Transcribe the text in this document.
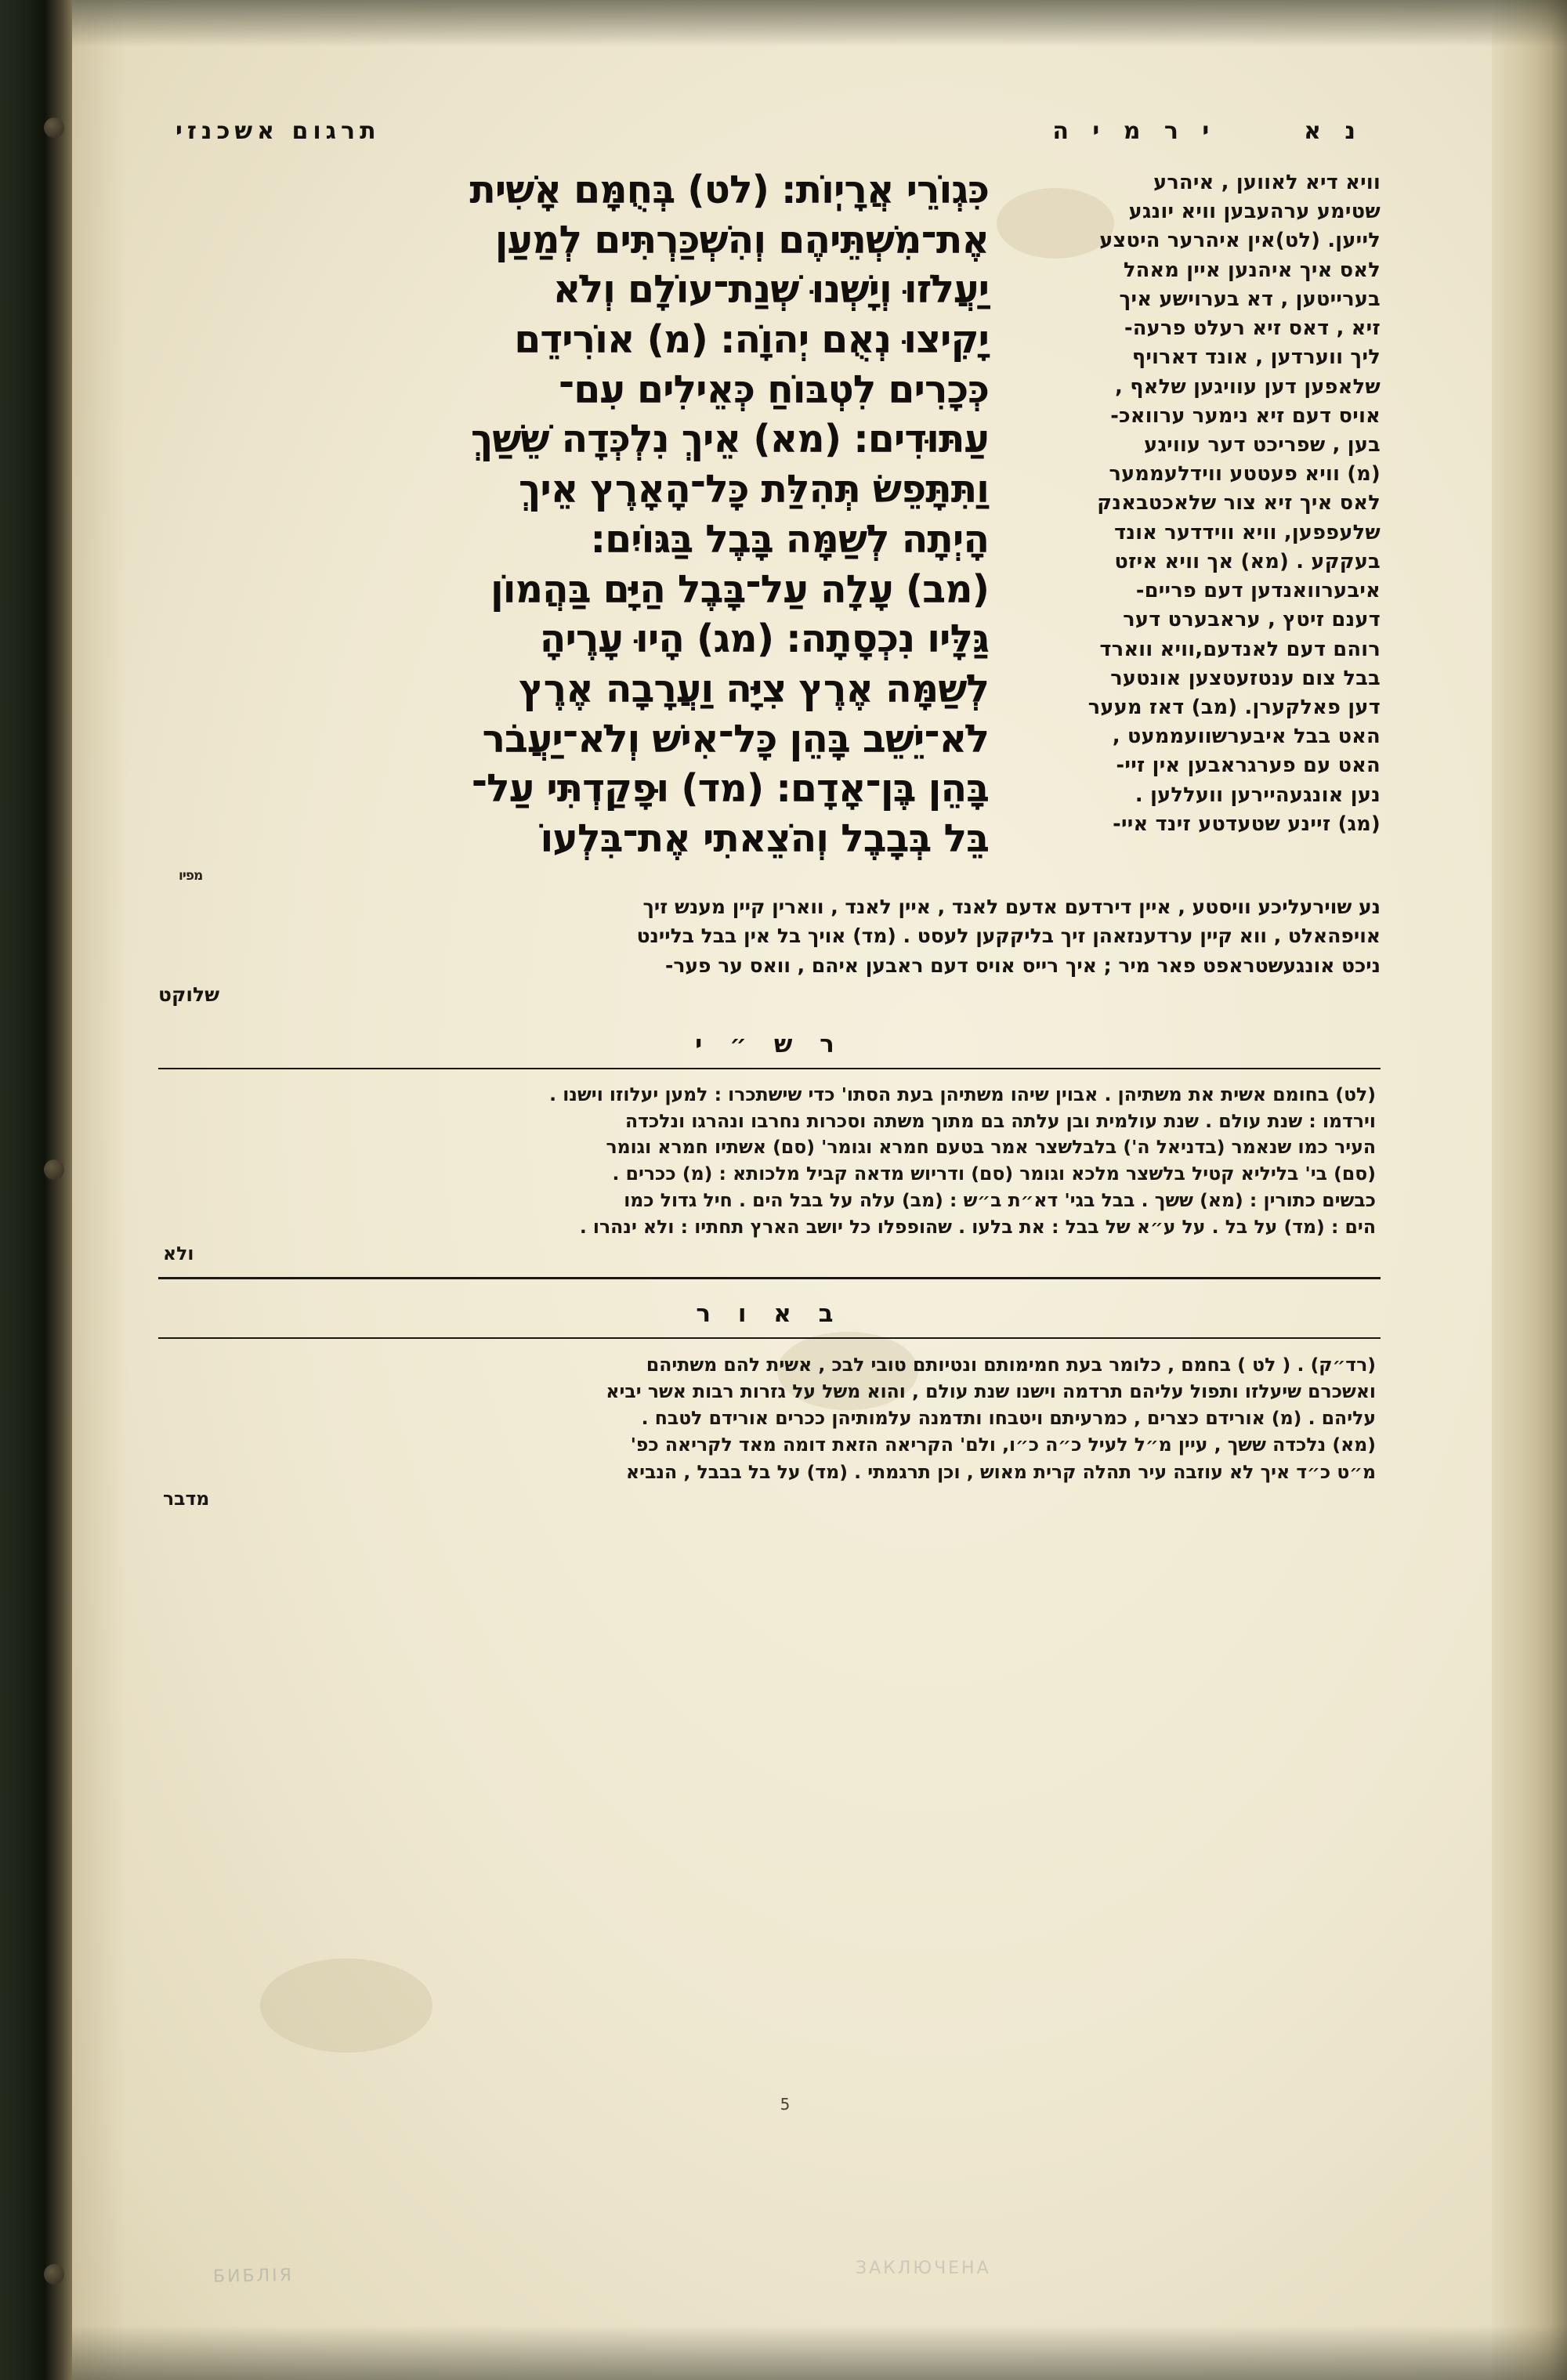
תרגום אשכנזי	נ א  י ר מ י ה
וויא דיא לאווען , איהרע
שטימע ערהעבען וויא יונגע
לייען. (לט)אין איהרער היטצע
לאס איך איהנען איין מאהל
בערייטען , דא בערוישע איך
זיא , דאס זיא רעלט פרעה-
ליך ווערדען , אונד דארויף
שלאפען דען עוויגען שלאף ,
אויס דעם זיא נימער ערוואכ-
בען , שפריכט דער עוויגע
(מ) וויא פעטטע ווידלעממער
לאס איך זיא צור שלאכטבאנק
שלעפפען, וויא ווידדער אונד
בעקקע . (מא) אך וויא איזט
איבערוואנדען דעם פריים-
דענם זיטץ , עראבערט דער
רוהם דעם לאנדעם,וויא ווארד
בבל צום ענטזעטצען אונטער
דען פאלקערן. (מב) דאז מעער
האט בבל איבערשוועממעט ,
האט עם פערגראבען אין זיי-
נען אונגעהיירען וועללען .
(מג) זיינע שטעדטע זינד איי-
כִּגְוֹרֵי אֲרָיֽוֹת: (לט) בְּחֻמָּם אָשִׁית
אֶת־מִשְׁתֵּיהֶם וְהִשְׁכַּרְתִּים לְמַעַן
יַעֲלֹזוּ וְיָשְׁנוּ שְׁנַת־עוֹלָם וְלֹא
יָקִיצוּ נְאֻם יְהוָֹה: (מ) אוֹרִידֵם
כְּכָרִים לִטְבּוֹחַ כְּאֵילִים עִם־
עַתּוּדִים: (מא) אֵיךְ נִלְכְּדָה שֵׁשַׁךְ
וַתִּתָּפֵשׂ תְּהִלַּת כָּל־הָאָרֶץ אֵיךְ
הָיְתָה לְשַׁמָּה בָּבֶל בַּגּוֹיִם:
(מב) עָלָה עַל־בָּבֶל הַיָּם בַּהֲמוֹן
גַּלָּיו נִכְסָתָה: (מג) הָיוּ עָרֶיהָ
לְשַׁמָּה אֶרֶץ צִיָּה וַעֲרָבָה אֶרֶץ
לֹא־יֵשֵׁב בָּהֵן כָּל־אִישׁ וְלֹא־יַעֲבֹר
בָּהֵן בֶּן־אָדָם: (מד) וּפָקַדְתִּי עַל־
בֵּל בְּבָבֶל וְהֹצֵאתִי אֶת־בִּלְעוֹ
מפיו
נע שוירעליכע וויסטע , איין דירדעם אדעם לאנד , איין לאנד , ווארין קיין מענש זיך
אויפהאלט , ווא קיין ערדענזאהן זיך בליקקען לעסט . (מד) אויך בל אין בבל בליינט
ניכט אונגעשטראפט פאר מיר ; איך רייס אויס דעם ראבען איהם , וואס ער פער-
שלוקט
ר ש ״ י
(לט) בחומם אשית את משתיהן . אבוין שיהו משתיהן בעת הסתו' כדי שישתכרו : למען יעלוזו וישנו .
וירדמו : שנת עולם . שנת עולמית ובן עלתה בם מתוך משתה וסכרות נחרבו ונהרגו ונלכדה
העיר כמו שנאמר (בדניאל ה') בלבלשצר אמר בטעם חמרא וגומר' (סם) אשתיו חמרא וגומר
(סם) בי' בליליא קטיל בלשצר מלכא וגומר (סם) ודריוש מדאה קביל מלכותא : (מ) ככרים .
כבשים כתורין : (מא) ששך . בבל בגי' דא״ת ב״ש : (מב) עלה על בבל הים . חיל גדול כמו
הים : (מד) על בל . על ע״א של בבל : את בלעו . שהופפלו כל יושב הארץ תחתיו : ולא ינהרו .
ולא
ב א ו ר
(רד״ק) . ( לט ) בחמם , כלומר בעת חמימותם ונטיותם טובי לבכ , אשית להם משתיהם
ואשכרם שיעלזו ותפול עליהם תרדמה וישנו שנת עולם , והוא משל על גזרות רבות אשר יביא
עליהם . (מ) אורידם כצרים , כמרעיתם ויטבחו ותדמנה עלמותיהן ככרים אורידם לטבח .
(מא) נלכדה ששך , עיין מ״ל לעיל כ״ה כ״ו, ולם' הקריאה הזאת דומה מאד לקריאה כפ'
מ״ט כ״ד איך לא עוזבה עיר תהלה קרית מאוש , וכן תרגמתי . (מד) על בל בבבל , הנביא
מדבר
БИБЛIЯ	ЗАКЛЮЧЕНА
5
